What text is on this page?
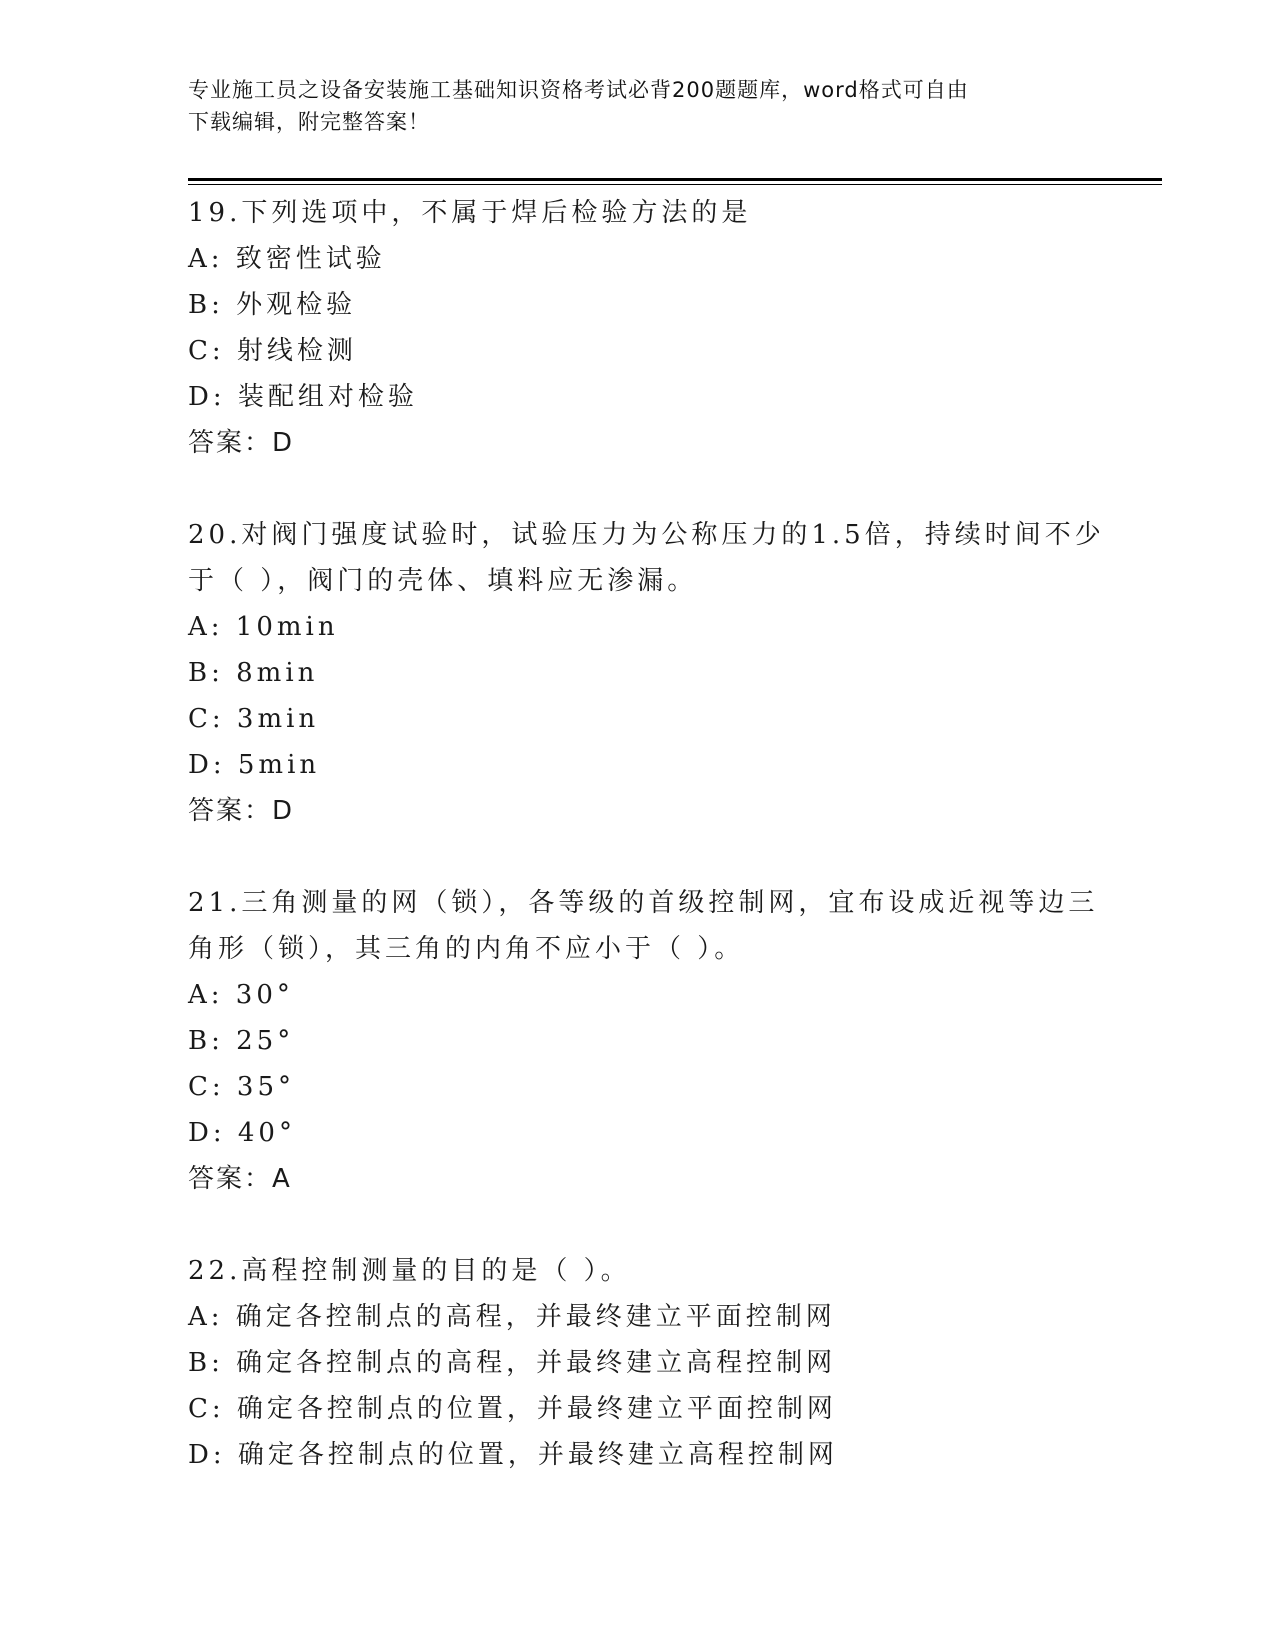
专业施工员之设备安装施工基础知识资格考试必背200题题库，word格式可自由
下载编辑，附完整答案！
19.下列选项中，不属于焊后检验方法的是
A: 致密性试验
B: 外观检验
C: 射线检测
D: 装配组对检验
答案：D
20.对阀门强度试验时，试验压力为公称压力的1.5倍，持续时间不少
于（ ），阀门的壳体、填料应无渗漏。
A: 10min
B: 8min
C: 3min
D: 5min
答案：D
21.三角测量的网（锁），各等级的首级控制网，宜布设成近视等边三
角形（锁），其三角的内角不应小于（ ）。
A: 30°
B: 25°
C: 35°
D: 40°
答案：A
22.高程控制测量的目的是（ ）。
A: 确定各控制点的高程，并最终建立平面控制网
B: 确定各控制点的高程，并最终建立高程控制网
C: 确定各控制点的位置，并最终建立平面控制网
D: 确定各控制点的位置，并最终建立高程控制网
